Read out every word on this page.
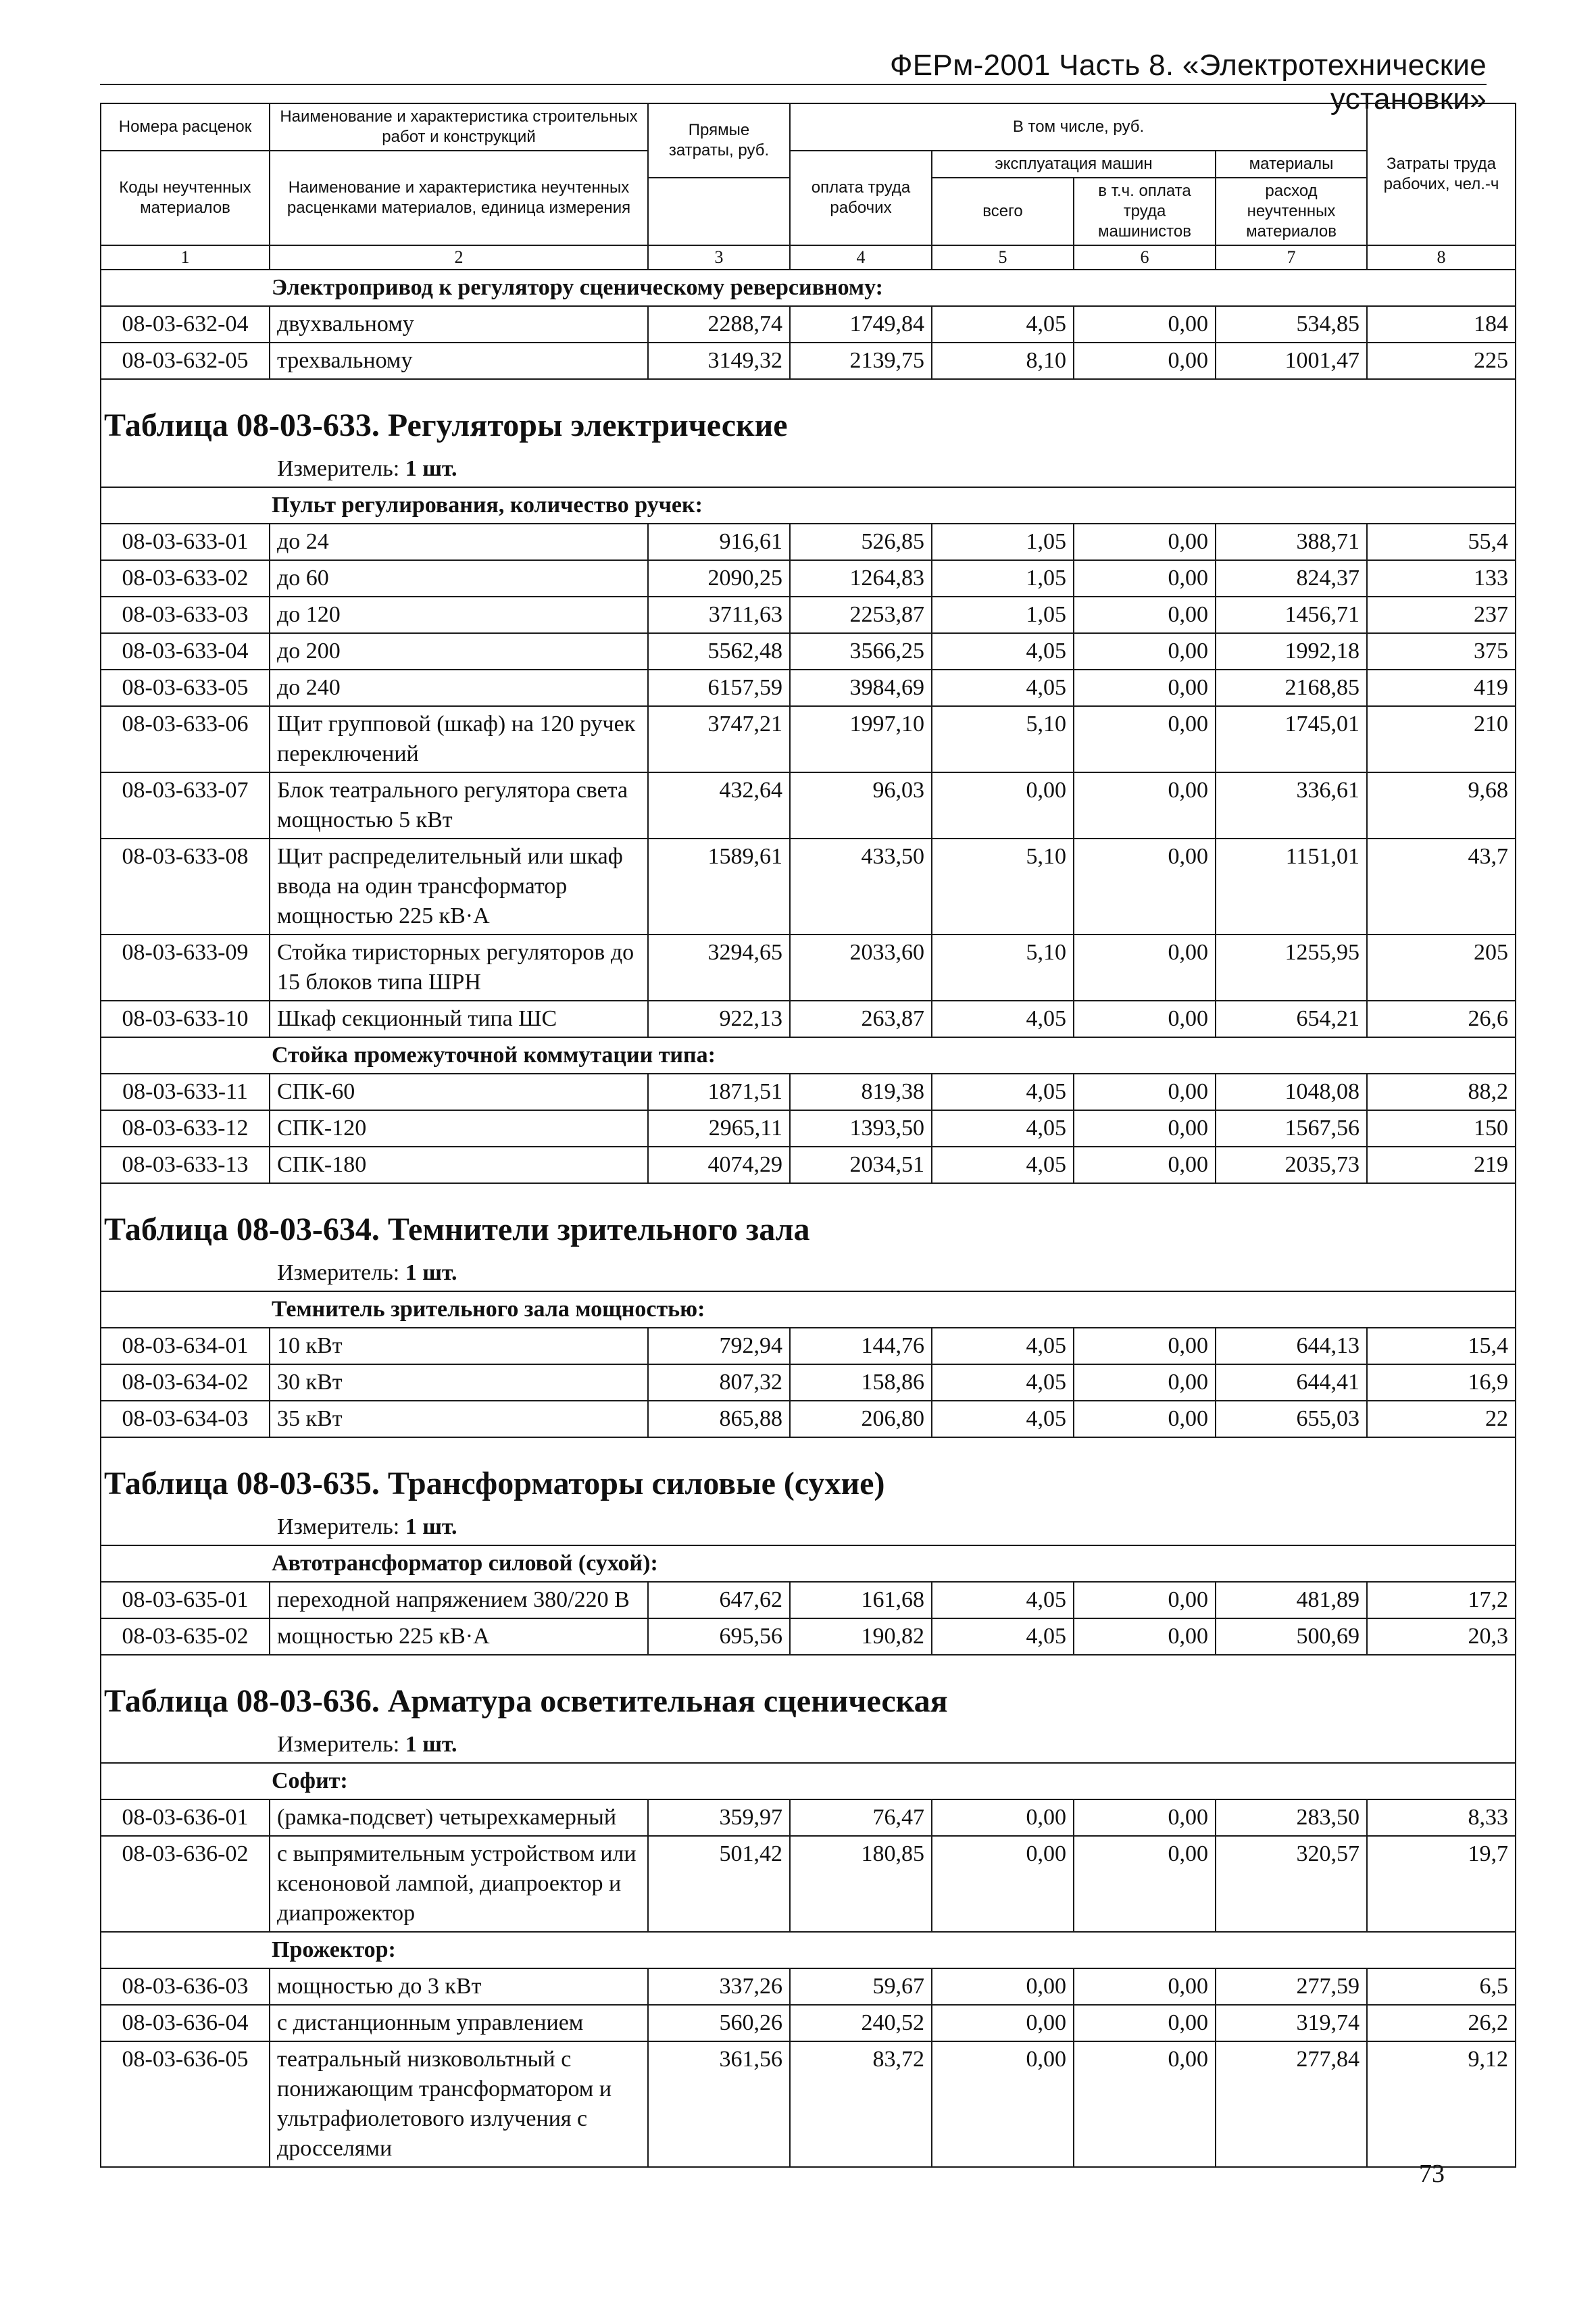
ФЕРм-2001 Часть 8. «Электротехнические установки»
Номера расценок	Наименование и характеристика строительных работ и конструкций	Прямые затраты, руб.	В том числе, руб.				Затраты труда рабочих, чел.-ч
Коды неучтенных материалов	Наименование и характеристика неучтенных расценками материалов, единица измерения		оплата труда рабочих	эксплуатация машин		материалы	
				всего	в т.ч. оплата труда машинистов	расход неучтенных материалов	

1	2	3	4	5	6	7	8
Электропривод к регулятору сценическому реверсивному:							
08-03-632-04	двухвальному	2288,74	1749,84	4,05	0,00	534,85	184
08-03-632-05	трехвальному	3149,32	2139,75	8,10	0,00	1001,47	225

Таблица 08-03-633. Регуляторы электрические							
Измеритель: 1 шт.							
Пульт регулирования, количество ручек:							
08-03-633-01	до 24	916,61	526,85	1,05	0,00	388,71	55,4
08-03-633-02	до 60	2090,25	1264,83	1,05	0,00	824,37	133
08-03-633-03	до 120	3711,63	2253,87	1,05	0,00	1456,71	237
08-03-633-04	до 200	5562,48	3566,25	4,05	0,00	1992,18	375
08-03-633-05	до 240	6157,59	3984,69	4,05	0,00	2168,85	419
08-03-633-06	Щит групповой (шкаф) на 120 ручек переключений	3747,21	1997,10	5,10	0,00	1745,01	210
08-03-633-07	Блок театрального регулятора света мощностью 5 кВт	432,64	96,03	0,00	0,00	336,61	9,68
08-03-633-08	Щит распределительный или шкаф ввода на один трансформатор мощностью 225 кВ·А	1589,61	433,50	5,10	0,00	1151,01	43,7
08-03-633-09	Стойка тиристорных регуляторов до 15 блоков типа ШРН	3294,65	2033,60	5,10	0,00	1255,95	205
08-03-633-10	Шкаф секционный типа ШС	922,13	263,87	4,05	0,00	654,21	26,6
Стойка промежуточной коммутации типа:							
08-03-633-11	СПК-60	1871,51	819,38	4,05	0,00	1048,08	88,2
08-03-633-12	СПК-120	2965,11	1393,50	4,05	0,00	1567,56	150
08-03-633-13	СПК-180	4074,29	2034,51	4,05	0,00	2035,73	219

Таблица 08-03-634. Темнители зрительного зала							
Измеритель: 1 шт.							
Темнитель зрительного зала мощностью:							
08-03-634-01	10 кВт	792,94	144,76	4,05	0,00	644,13	15,4
08-03-634-02	30 кВт	807,32	158,86	4,05	0,00	644,41	16,9
08-03-634-03	35 кВт	865,88	206,80	4,05	0,00	655,03	22

Таблица 08-03-635. Трансформаторы силовые (сухие)							
Измеритель: 1 шт.							
Автотрансформатор силовой (сухой):							
08-03-635-01	переходной напряжением 380/220 В	647,62	161,68	4,05	0,00	481,89	17,2
08-03-635-02	мощностью 225 кВ·А	695,56	190,82	4,05	0,00	500,69	20,3

Таблица 08-03-636. Арматура осветительная сценическая							
Измеритель: 1 шт.							
Софит:							
08-03-636-01	(рамка-подсвет) четырехкамерный	359,97	76,47	0,00	0,00	283,50	8,33
08-03-636-02	с выпрямительным устройством или ксеноновой лампой, диапроектор и диапрожектор	501,42	180,85	0,00	0,00	320,57	19,7
Прожектор:							
08-03-636-03	мощностью до 3 кВт	337,26	59,67	0,00	0,00	277,59	6,5
08-03-636-04	с дистанционным управлением	560,26	240,52	0,00	0,00	319,74	26,2
08-03-636-05	театральный низковольтный с понижающим трансформатором и ультрафиолетового излучения с дросселями	361,56	83,72	0,00	0,00	277,84	9,12
73
